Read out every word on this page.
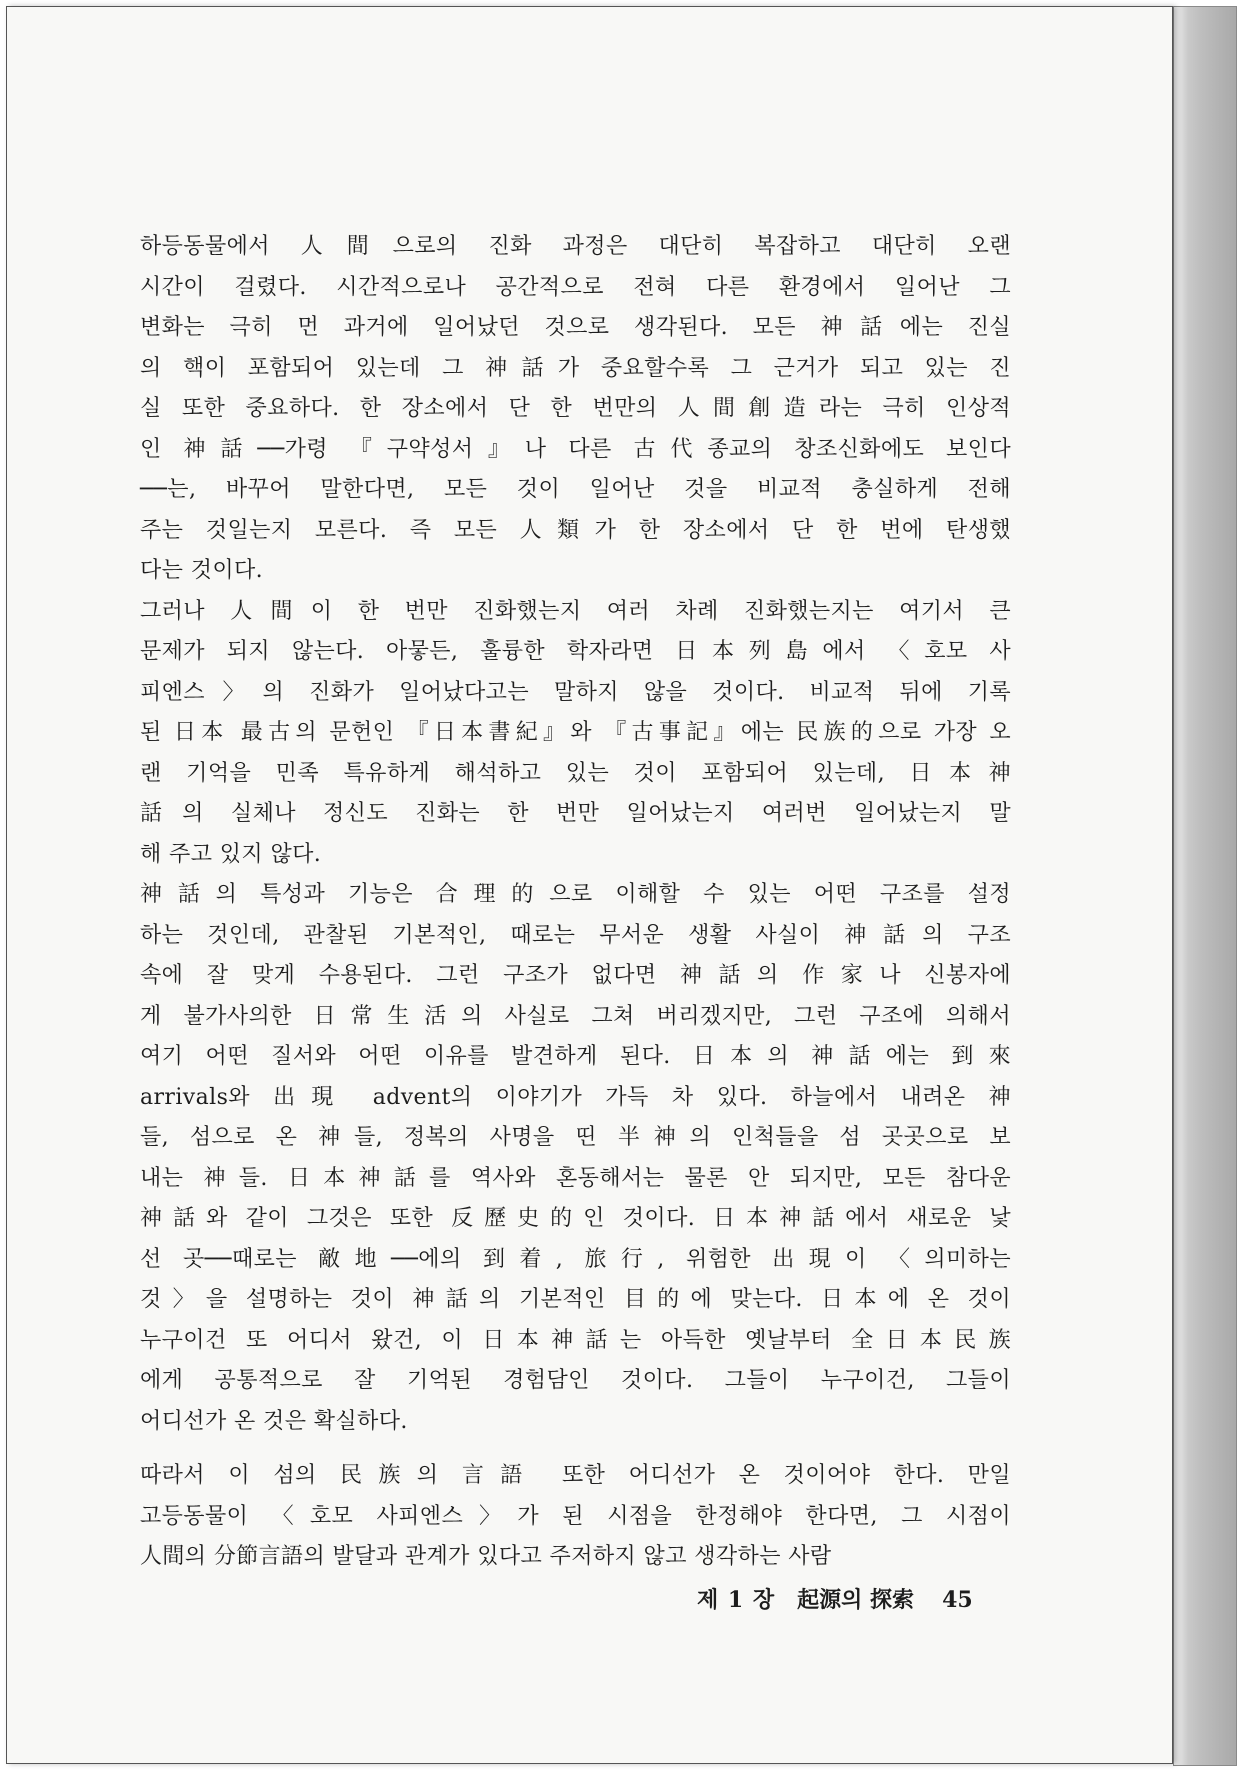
하등동물에서 人間으로의 진화 과정은 대단히 복잡하고 대단히 오랜
시간이 걸렸다. 시간적으로나 공간적으로 전혀 다른 환경에서 일어난 그
변화는 극히 먼 과거에 일어났던 것으로 생각된다. 모든 神話에는 진실
의 핵이 포함되어 있는데 그 神話가 중요할수록 그 근거가 되고 있는 진
실 또한 중요하다. 한 장소에서 단 한 번만의 人間創造라는 극히 인상적
인 神話──가령 『구약성서』나 다른 古代종교의 창조신화에도 보인다
──는, 바꾸어 말한다면, 모든 것이 일어난 것을 비교적 충실하게 전해
주는 것일는지 모른다. 즉 모든 人類가 한 장소에서 단 한 번에 탄생했
다는 것이다.
그러나 人間이 한 번만 진화했는지 여러 차례 진화했는지는 여기서 큰
문제가 되지 않는다. 아뭏든, 훌륭한 학자라면 日本列島에서 〈호모 사
피엔스〉의 진화가 일어났다고는 말하지 않을 것이다. 비교적 뒤에 기록
된 日本 最古의 문헌인 『日本書紀』와 『古事記』에는 民族的으로 가장 오
랜 기억을 민족 특유하게 해석하고 있는 것이 포함되어 있는데, 日本神
話의 실체나 정신도 진화는 한 번만 일어났는지 여러번 일어났는지 말
해 주고 있지 않다.
神話의 특성과 기능은 合理的으로 이해할 수 있는 어떤 구조를 설정
하는 것인데, 관찰된 기본적인, 때로는 무서운 생활 사실이 神話의 구조
속에 잘 맞게 수용된다. 그런 구조가 없다면 神話의 作家나 신봉자에
게 불가사의한 日常生活의 사실로 그쳐 버리겠지만, 그런 구조에 의해서
여기 어떤 질서와 어떤 이유를 발견하게 된다. 日本의 神話에는 到來
arrivals와 出現 advent의 이야기가 가득 차 있다. 하늘에서 내려온 神
들, 섬으로 온 神들, 정복의 사명을 띤 半神의 인척들을 섬 곳곳으로 보
내는 神들. 日本神話를 역사와 혼동해서는 물론 안 되지만, 모든 참다운
神話와 같이 그것은 또한 反歷史的인 것이다. 日本神話에서 새로운 낯
선 곳──때로는 敵地──에의 到着, 旅行, 위험한 出現이 〈의미하는
것〉을 설명하는 것이 神話의 기본적인 目的에 맞는다. 日本에 온 것이
누구이건 또 어디서 왔건, 이 日本神話는 아득한 옛날부터 全日本民族
에게 공통적으로 잘 기억된 경험담인 것이다. 그들이 누구이건, 그들이
어디선가 온 것은 확실하다.
따라서 이 섬의 民族의 言語 또한 어디선가 온 것이어야 한다. 만일
고등동물이 〈호모 사피엔스〉가 된 시점을 한정해야 한다면, 그 시점이
人間의 分節言語의 발달과 관계가 있다고 주저하지 않고 생각하는 사람
제 1 장 起源의 探索 45
